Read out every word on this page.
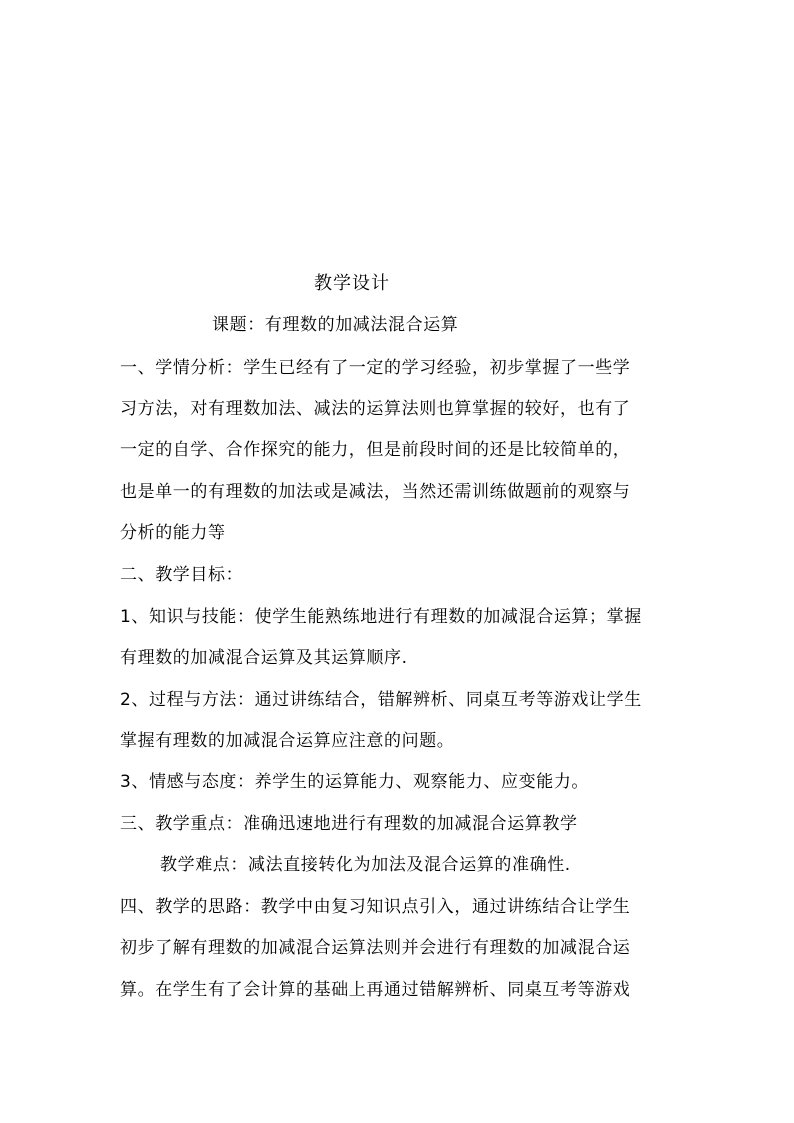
教学设计
课题：有理数的加减法混合运算
一、学情分析：学生已经有了一定的学习经验，初步掌握了一些学
习方法，对有理数加法、减法的运算法则也算掌握的较好，也有了
一定的自学、合作探究的能力，但是前段时间的还是比较简单的，
也是单一的有理数的加法或是减法，当然还需训练做题前的观察与
分析的能力等
二、教学目标：
1、知识与技能：使学生能熟练地进行有理数的加减混合运算；掌握
有理数的加减混合运算及其运算顺序.
2、过程与方法：通过讲练结合，错解辨析、同桌互考等游戏让学生
掌握有理数的加减混合运算应注意的问题。
3、情感与态度：养学生的运算能力、观察能力、应变能力。
三、教学重点：准确迅速地进行有理数的加减混合运算教学
教学难点：减法直接转化为加法及混合运算的准确性.
四、教学的思路：教学中由复习知识点引入，通过讲练结合让学生
初步了解有理数的加减混合运算法则并会进行有理数的加减混合运
算。在学生有了会计算的基础上再通过错解辨析、同桌互考等游戏
